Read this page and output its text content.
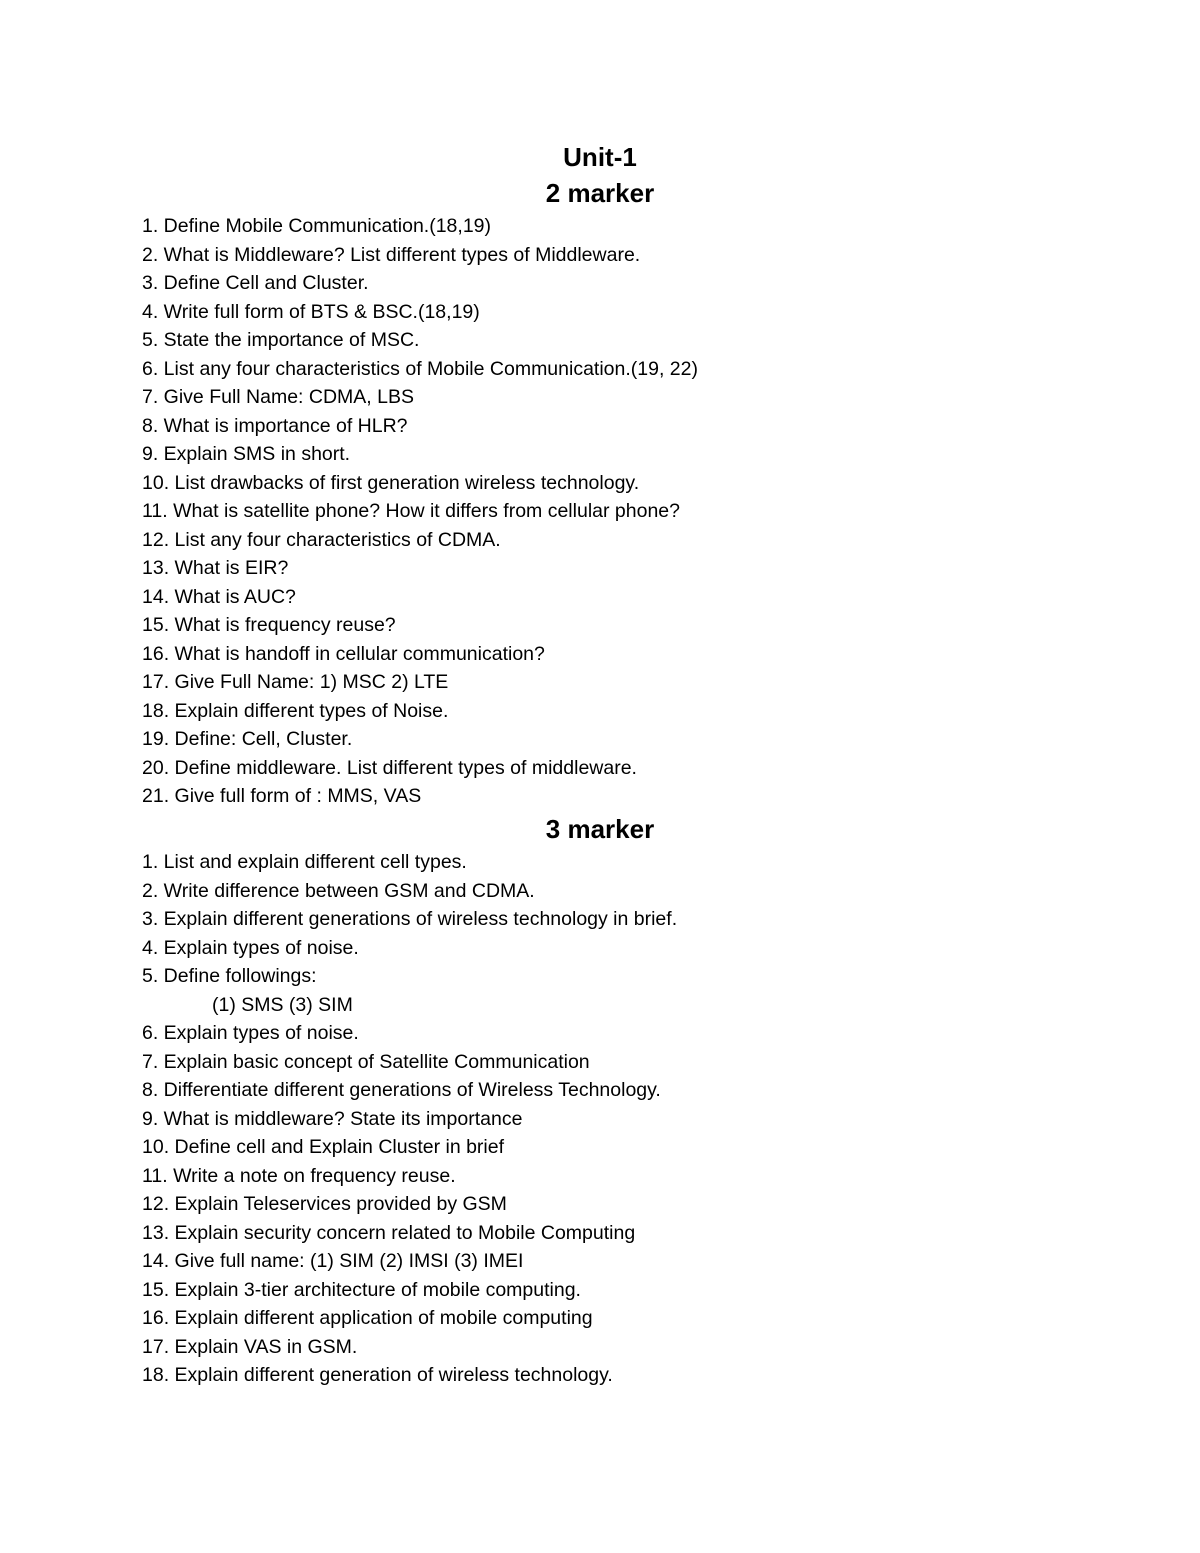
Unit-1
2 marker
1. Define Mobile Communication.(18,19)
2. What is Middleware? List different types of Middleware.
3. Define Cell and Cluster.
4. Write full form of BTS & BSC.(18,19)
5. State the importance of MSC.
6. List any four characteristics of Mobile Communication.(19, 22)
7. Give Full Name: CDMA, LBS
8. What is importance of HLR?
9. Explain SMS in short.
10. List drawbacks of first generation wireless technology.
11. What is satellite phone? How it differs from cellular phone?
12. List any four characteristics of CDMA.
13. What is EIR?
14. What is AUC?
15. What is frequency reuse?
16. What is handoff in cellular communication?
17. Give Full Name: 1) MSC 2) LTE
18. Explain different types of Noise.
19. Define: Cell, Cluster.
20. Define middleware. List different types of middleware.
21. Give full form of : MMS, VAS
3 marker
1. List and explain different cell types.
2. Write difference between GSM and CDMA.
3. Explain different generations of wireless technology in brief.
4. Explain types of noise.
5. Define followings:
(1) SMS (3) SIM
6. Explain types of noise.
7. Explain basic concept of Satellite Communication
8. Differentiate different generations of Wireless Technology.
9. What is middleware? State its importance
10. Define cell and Explain Cluster in brief
11. Write a note on frequency reuse.
12. Explain Teleservices provided by GSM
13. Explain security concern related to Mobile Computing
14. Give full name: (1) SIM (2) IMSI (3) IMEI
15. Explain 3-tier architecture of mobile computing.
16. Explain different application of mobile computing
17. Explain VAS in GSM.
18. Explain different generation of wireless technology.
